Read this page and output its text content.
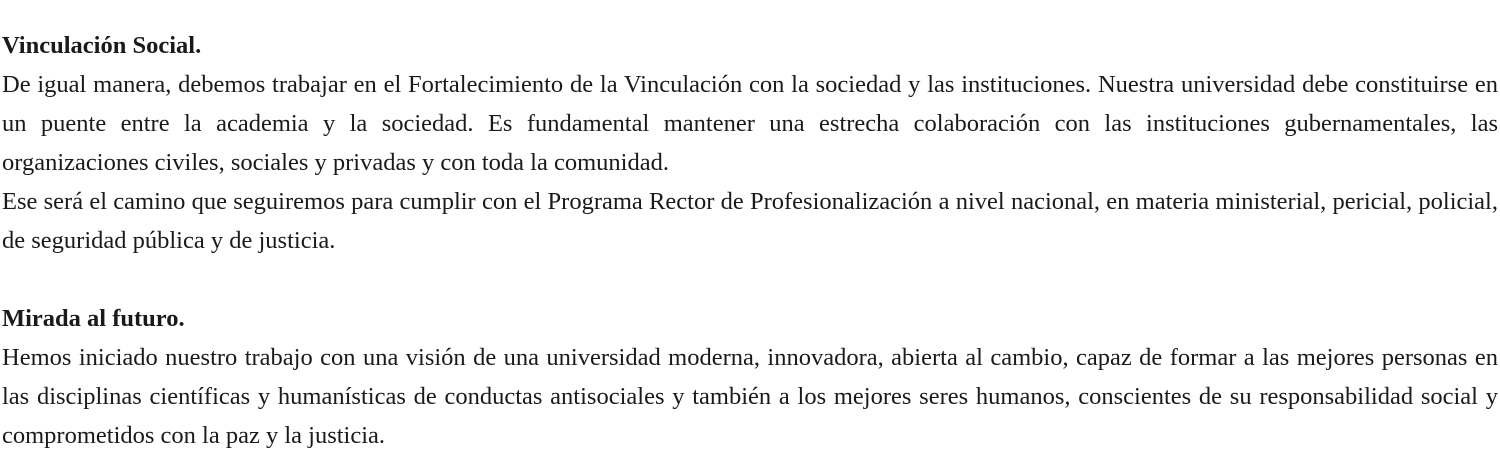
Vinculación Social.

De igual manera, debemos trabajar en el Fortalecimiento de la Vinculación con la sociedad y las instituciones. Nuestra universidad debe constituirse en un puente entre la academia y la sociedad. Es fundamental mantener una estrecha colaboración con las instituciones gubernamentales, las organizaciones civiles, sociales y privadas y con toda la comunidad.

Ese será el camino que seguiremos para cumplir con el Programa Rector de Profesionalización a nivel nacional, en materia ministerial, pericial, policial, de seguridad pública y de justicia.

Mirada al futuro.

Hemos iniciado nuestro trabajo con una visión de una universidad moderna, innovadora, abierta al cambio, capaz de formar a las mejores personas en las disciplinas científicas y humanísticas de conductas antisociales y también a los mejores seres humanos, conscientes de su responsabilidad social y comprometidos con la paz y la justicia.
